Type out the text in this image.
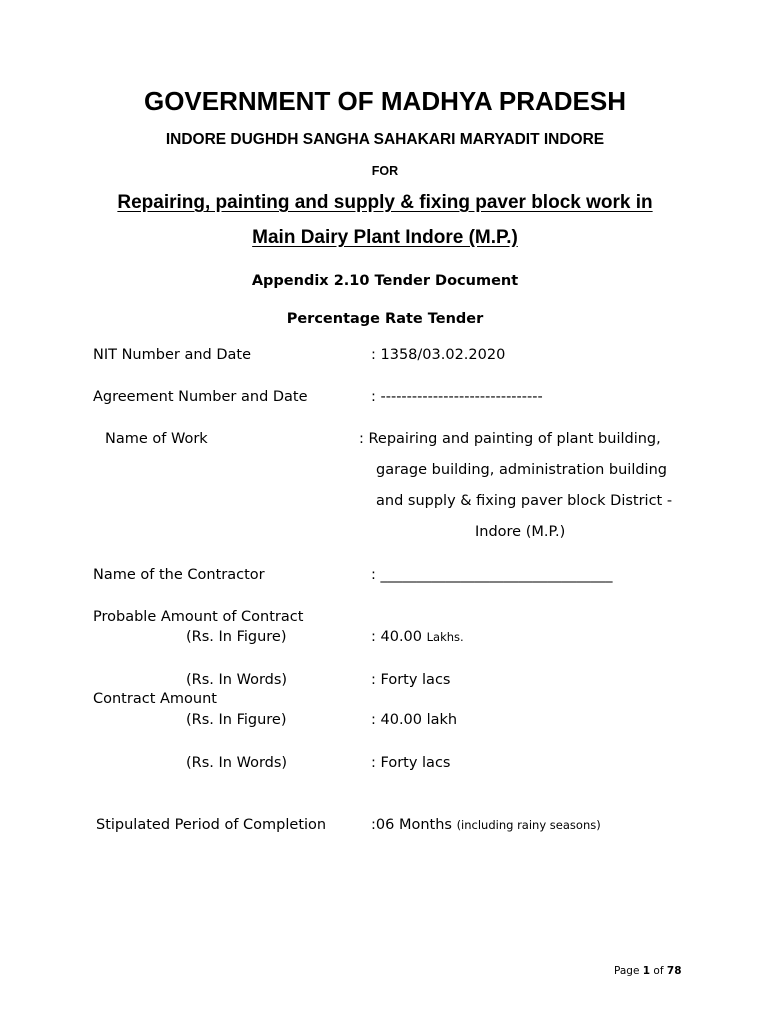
GOVERNMENT OF MADHYA PRADESH
INDORE DUGHDH SANGHA SAHAKARI MARYADIT INDORE
FOR
Repairing, painting and supply & fixing paver block work in
Main Dairy Plant Indore (M.P.)
Appendix 2.10 Tender Document
Percentage Rate Tender
NIT Number and Date	: 1358/03.02.2020
Agreement Number and Date	: -------------------------------
Name of Work	: Repairing and painting of plant building,
garage building, administration building
and supply & fixing paver block District -
Indore (M.P.)
Name of the Contractor	: ________________________________
Probable Amount of Contract
(Rs. In Figure)	: 40.00 Lakhs.
(Rs. In Words)	: Forty lacs
Contract Amount
(Rs. In Figure)	: 40.00 lakh
(Rs. In Words)	: Forty lacs
Stipulated Period of Completion	:06 Months (including rainy seasons)
Page 1 of 78
